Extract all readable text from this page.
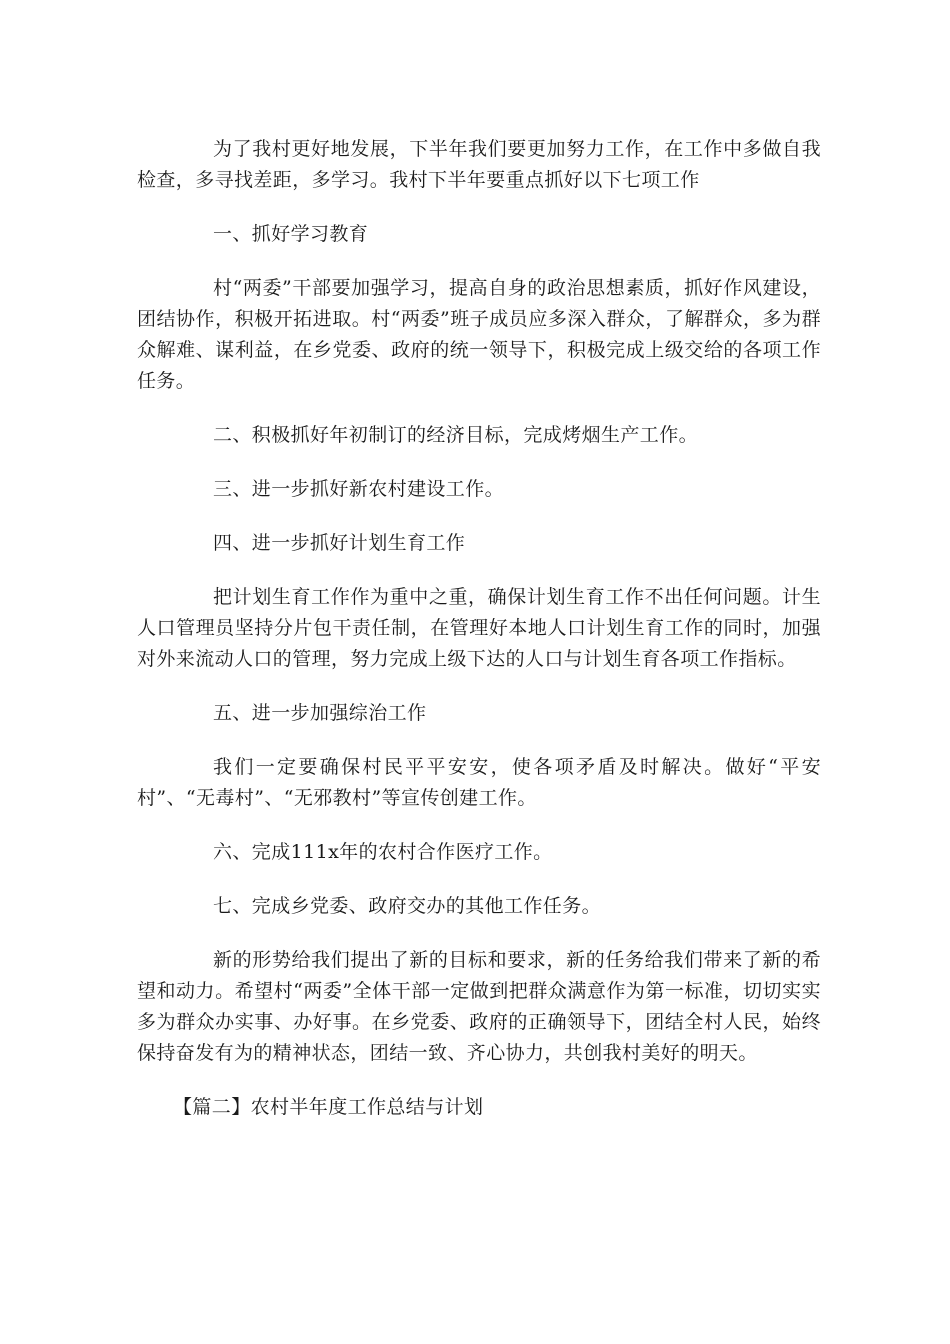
为了我村更好地发展，下半年我们要更加努力工作，在工作中多做自我检查，多寻找差距，多学习。我村下半年要重点抓好以下七项工作

一、抓好学习教育

村“两委”干部要加强学习，提高自身的政治思想素质，抓好作风建设，团结协作，积极开拓进取。村“两委”班子成员应多深入群众，了解群众，多为群众解难、谋利益，在乡党委、政府的统一领导下，积极完成上级交给的各项工作任务。

二、积极抓好年初制订的经济目标，完成烤烟生产工作。

三、进一步抓好新农村建设工作。

四、进一步抓好计划生育工作

把计划生育工作作为重中之重，确保计划生育工作不出任何问题。计生人口管理员坚持分片包干责任制，在管理好本地人口计划生育工作的同时，加强对外来流动人口的管理，努力完成上级下达的人口与计划生育各项工作指标。

五、进一步加强综治工作

我们一定要确保村民平平安安，使各项矛盾及时解决。做好“平安村”、“无毒村”、“无邪教村”等宣传创建工作。

六、完成111x年的农村合作医疗工作。

七、完成乡党委、政府交办的其他工作任务。

新的形势给我们提出了新的目标和要求，新的任务给我们带来了新的希望和动力。希望村“两委”全体干部一定做到把群众满意作为第一标准，切切实实多为群众办实事、办好事。在乡党委、政府的正确领导下，团结全村人民，始终保持奋发有为的精神状态，团结一致、齐心协力，共创我村美好的明天。

【篇二】农村半年度工作总结与计划
